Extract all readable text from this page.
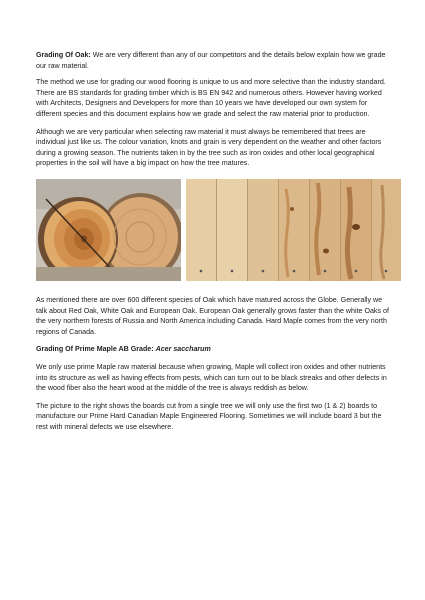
Grading Of Oak: We are very different than any of our competitors and the details below explain how we grade our raw material.

The method we use for grading our wood flooring is unique to us and more selective than the industry standard. There are BS standards for grading timber which is BS EN 942 and numerous others. However having worked with Architects, Designers and Developers for more than 10 years we have developed our own system for different species and this document explains how we grade and select the raw material prior to production.

Although we are very particular when selecting raw material it must always be remembered that trees are individual just like us. The colour variation, knots and grain is very dependent on the weather and other factors during a growing season. The nutrients taken in by the tree such as iron oxides and other local geographical properties in the soil will have a big impact on how the tree matures.

As mentioned there are over 600 different species of Oak which have matured across the Globe. Generally we talk about Red Oak, White Oak and European Oak. European Oak generally grows faster than the white Oaks of the very northern forests of Russia and North America including Canada. Hard Maple comes from the very north regions of Canada.

Grading Of Prime Maple AB Grade: Acer saccharum

We only use prime Maple raw material because when growing, Maple will collect iron oxides and other nutrients into its structure as well as having effects from pests, which can turn out to be black streaks and other defects in the wood fiber also the heart wood at the middle of the tree is always reddish as below.

The picture to the right shows the boards cut from a single tree we will only use the first two (1 & 2) boards to manufacture our Prime Hard Canadian Maple Engineered Flooring. Sometimes we will include board 3 but the rest with mineral defects we use elsewhere.
